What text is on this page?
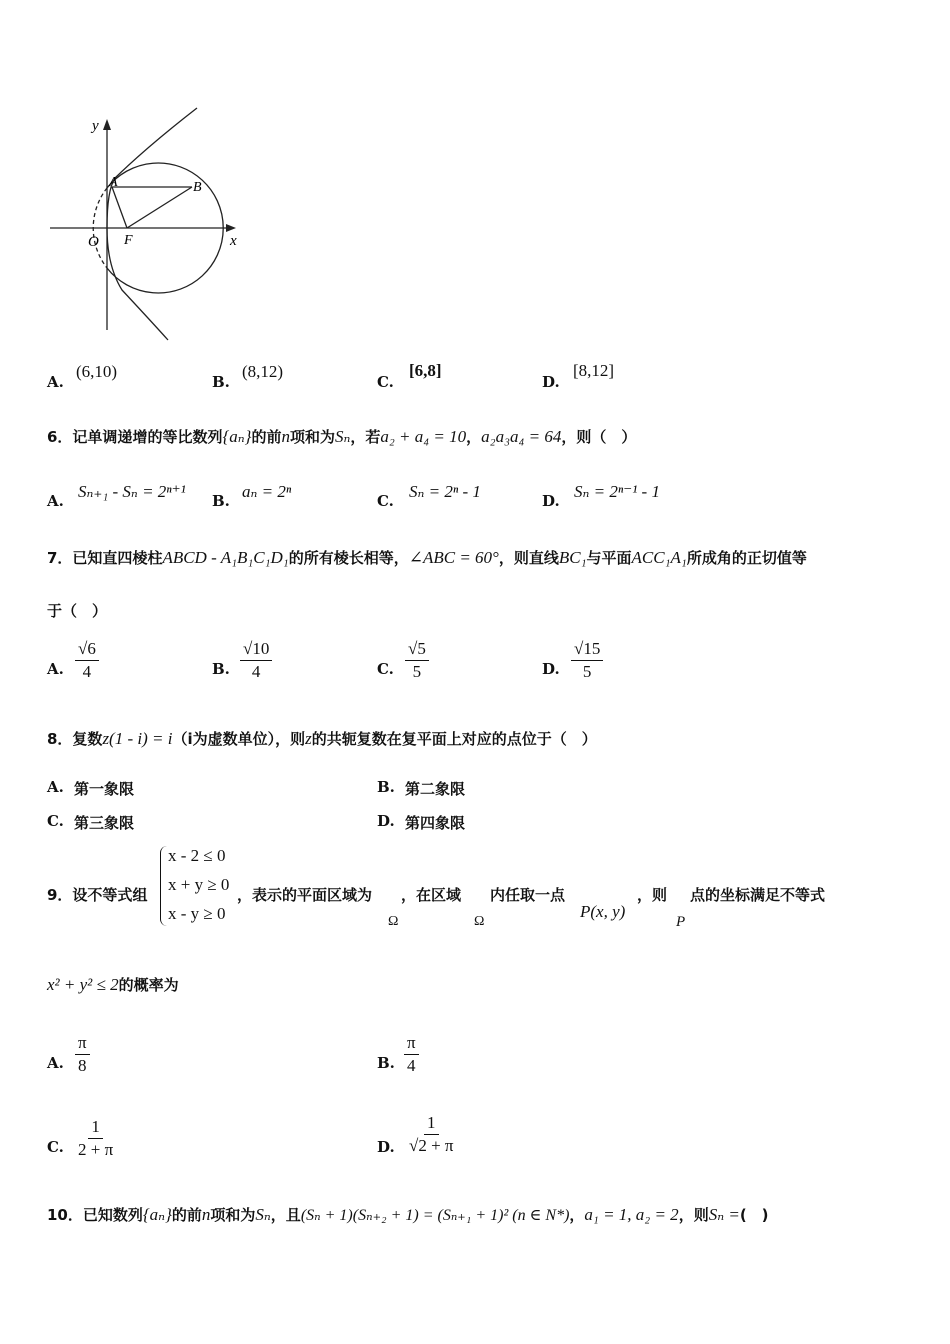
y
x
O
A	B
F
A.
(6,10)
B.
(8,12)
C.
[6,8]
D.
[8,12]
6．记单调递增的等比数列{aₙ}的前n项和为Sₙ，若a₂ + a₄ = 10，a₂a₃a₄ = 64，则（　）
A. Sₙ₊₁ - Sₙ = 2ⁿ⁺¹ B. aₙ = 2ⁿ	C. Sₙ = 2ⁿ - 1	D. Sₙ = 2ⁿ⁻¹ - 1
7．已知直四棱柱ABCD - A₁B₁C₁D₁的所有棱长相等，∠ABC = 60°，则直线BC₁与平面ACC₁A₁所成角的正切值等
于（　）
A. $\frac{√6}{4}$	B. $\frac{√10}{4}$	C. $\frac{√5}{5}$	D. $\frac{√15}{5}$
8．复数z(1 - i) = i（i为虚数单位），则z的共轭复数在复平面上对应的点位于（　）
A. 第一象限	B. 第二象限
C. 第三象限	D. 第四象限
9．设不等式组
x - 2 ≤ 0
x + y ≥ 0
x - y ≥ 0
，表示的平面区域为 ，在区域 内任取一点	，则 点的坐标满足不等式
Ω	Ω
P(x, y)
P
x² + y² ≤ 2的概率为
A. $\frac{\pi}{8}$	B. $\frac{\pi}{4}$
C. $\frac{1}{2 + \pi}$	D. $\frac{1}{√2 + \pi}$
10．已知数列{aₙ}的前n项和为Sₙ，且(Sₙ + 1)(Sₙ₊₂ + 1) = (Sₙ₊₁ + 1)² (n ∈ N*)，a₁ = 1, a₂ = 2，则Sₙ =(　)
